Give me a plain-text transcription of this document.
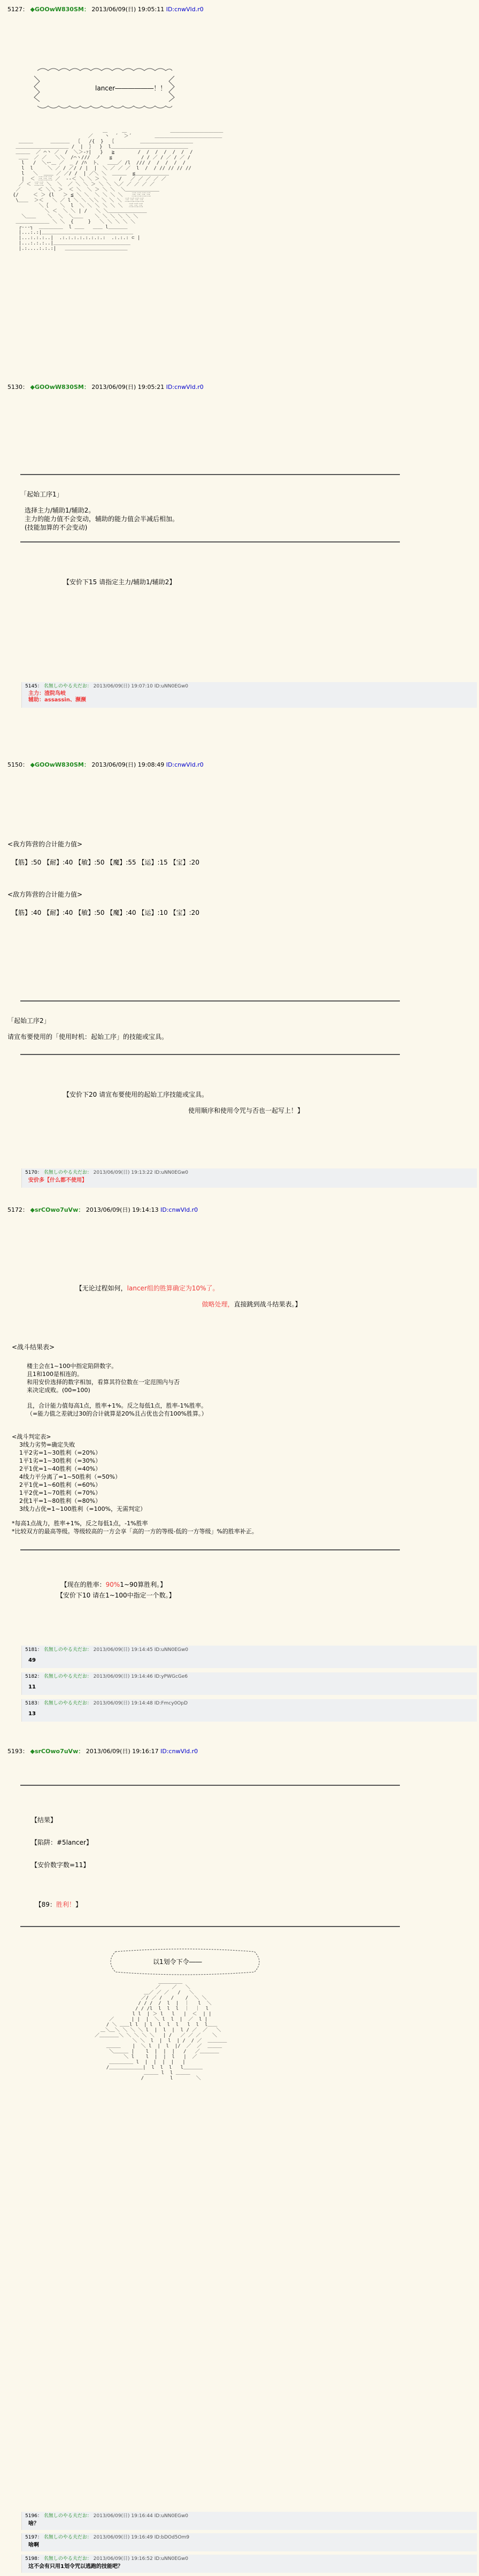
5127： ◆GOOwW830SM： 2013/06/09(日) 19:05:11 ID:cnwVld.r0
lancer――――――！！
＿     ＿               ＿＿＿＿＿＿＿＿＿＿＿
／    丶  ´  ＞´        ＿＿＿＿＿＿＿＿＿＿＿＿＿＿
＿＿＿      ＿＿＿＿  ｛   /{  }  ｛         ＿＿＿＿＿＿＿＿＿＿＿
＿＿＿＿＿＿＿＿＿＿＿ /  |  ｝  }  l＿＿＿＿＿＿＿＿＿＿＿＿＿＿＿＿
＿＿＿  ／ ⌒丶 ／  /  ＼＞‐ｧ|   }   ≧        /  /  /  /  /  /  /
＿＿  ／ ／   ＼＼  /⌒ヽ///  ノ   ≦          / / ／ / ／ / ／ /
l   /  ＼ー＿ ／  _ / /ﾊ  ト、  ＿＿／ /l  /// /  /  /  /  /
l  l     ＼ ／ / ／/ / |  |  ＼ ／ ／ ／  l  /  / // // // //
l   ＼  ＿＿ ／ ／/ /  | ／＼ ＼  ＿＿＿  ≦＿＿＿＿＿＿＿
|  ＜ 三三三 ／  ‐‐＜ ＼ ＼ ＞ ＼    /   ／ ／ ／ ／ ／
／ ＜ 三三 ＼  ＼  ／ ＼ ＼ ＞ ＼ ＼ ＼／ ／ ／ ／ ／
／      ＜ ＼＼ ＞  ＜ ＼  ＼ ＞ ＼ ＼  ＼＿＿＿＿＿＿＿
{/     ＜ ＞ {l   ＞ ≦ ＼ ＼  ＼ ＼ ＼ ＼   三三三三
\＿＿  ＞＜   ＼ ／ l ＼ ＼ ＼＼ ＼ ＼ ＼ 三三三三
＼｛    ＼  l  ＼ ＼ ＼ ＼ ＼ ＼  三三三
＼ ＜  ＼ ＼ | /   ＼ ＼＿＿＿＿＿＿＿＿
＼＿＿    ＼  ＼  ＼＿＿    ＼ ＼ ＼ ＼ ＼ ＼
＿＿＿＿＿＿＿ ＼ ＼  {     }   ＼ ＼ ＼ ＼ ＼
┌‐‐‐┐  ＿＿＿＿＿  l ＿＿   ＿＿ l＿＿＿＿
|...:.:|＿＿＿＿＿＿＿＿＿＿＿＿＿＿＿＿＿＿＿
|...:.:.:..|  .:.:.:.:.:.:.:.:  .:.:.: ⊂ |
|...:.:.:..|＿＿＿＿＿＿＿＿＿＿＿＿＿＿＿＿
|.:....:.:.:|   ＿＿＿＿＿＿＿＿＿＿＿＿＿
5130： ◆GOOwW830SM： 2013/06/09(日) 19:05:21 ID:cnwVld.r0
「起始工序1」
选择主力/辅助1/辅助2。
主力的能力值不会变动，辅助的能力值会半减后相加。
(技能加算的不会变动)
【安价下15 请指定主力/辅助1/辅助2】
5145： 名無しのやる夫だお： 2013/06/09(日) 19:07:10 ID:uNN0EGw0
主力：渣院鸟岐
辅助：assassin、濒濒
5150： ◆GOOwW830SM： 2013/06/09(日) 19:08:49 ID:cnwVld.r0
<我方阵营的合计能力值>
【筋】:50 【耐】:40 【敏】:50 【魔】:55 【运】:15 【宝】:20
<敌方阵营的合计能力值>
【筋】:40 【耐】:40 【敏】:50 【魔】:40 【运】:10 【宝】:20
「起始工序2」
请宣布要使用的「使用时机：起始工序」的技能或宝具。
【安价下20 请宣布要使用的起始工序技能或宝具。
使用顺序和使用令咒与否也一起写上！】
5170： 名無しのやる夫だお： 2013/06/09(日) 19:13:22 ID:uNN0EGw0
安价多【什么都不使用】
5172： ◆srCOwo7uVw： 2013/06/09(日) 19:14:13 ID:cnwVld.r0

【无论过程如何，lancer组的胜算确定为10%了。

做略处理，直接跳到战斗结果表。】

<战斗结果表>
楼主会在1~100中指定陷阱数字。
且1和100是相连的。
和用安价选择的数字相加，看算其符位数在一定范围内与否
来决定成败。(00=100)
且，合计能力值每高1点，胜率+1%。反之每低1点，胜率-1%胜率。
（=能力值之差就过30的合计就算是20%且占优也会有100%胜算。）
<战斗判定表>
3线力劣势=确定失败
1平2劣=1~30胜利（=20%）
1平1劣=1~30胜利（=30%）
2平1优=1~40胜利（=40%）
4线力平分离了=1~50胜利（=50%）
2平1优=1~60胜利（=60%）
1平2优=1~70胜利（=70%）
2优1平=1~80胜利（=80%）
3线力占优=1~100胜利（=100%，无需判定）
*每高1点战力，胜率+1%，反之每低1点，-1%胜率
*比较双方的最高等级。等级较高的一方会享「高的一方的等级-低的一方等级」%的胜率补正。

【现在的胜率：90%1~90算胜利。】

【安价下10 请在1~100中指定一个数。】
5181： 名無しのやる夫だお： 2013/06/09(日) 19:14:45 ID:uNN0EGw0
49
5182： 名無しのやる夫だお： 2013/06/09(日) 19:14:46 ID:yPWGcGe6
11
5183： 名無しのやる夫だお： 2013/06/09(日) 19:14:48 ID:Fmcy0OpD
13
5193： ◆srCOwo7uVw： 2013/06/09(日) 19:16:17 ID:cnwVld.r0
【结果】
【陷阱：#5lancer】
【安价数字数=11】

【89：胜利！】

以1划令下令――
＿＿＿＿＿
／    ／   ＼
＿／ ／ ／   /   ＼
／/ ／ /   /    /  ＼ ＼
/ / /  /  l  |  ｜   l  ＼
/ / /l  l  l  l  ｜  ｜  l
l l  | ＞ l   l   |  ＜  | |
／      | |  |  ＼ l  l  |  ／  l |
/ ＼ ＿＿l l  | l  l  l  l   l  l  l＿＿
＿＼＿＼ ＼ ＼ ＼ l  |  l  |  l / ／  ／   ＼
／＿＿＿＿＼ ＼ ＼ ＼ ＼   | /   ／ ／ ／    ＼
＼ ＼  l  |  l  | /  / ／  ＿＿＿＿
＿＿＿    |  ＼ l  |  l  |/  ／  ／  ＿＿＿
＼＿＿＿ |    l  |  |  |   /   ／＿＿＿＿
＼ l    l  |  |  l   |  ／
＿＿＿＿＿ l  |  |  |  |   |
/＿＿＿＿＿＿＿|  l  l  l   l＿＿＿＿
＿＿＿ l  l ＿＿＿
/         l        ＼
5196： 名無しのやる夫だお： 2013/06/09(日) 19:16:44 ID:uNN0EGw0
啥？
5197： 名無しのやる夫だお： 2013/06/09(日) 19:16:49 ID:bDOd5Om9
啥啊
5198： 名無しのやる夫だお： 2013/06/09(日) 19:16:52 ID:uNN0EGw0
这不会有只用1划令咒以逃跑的技能吧？
